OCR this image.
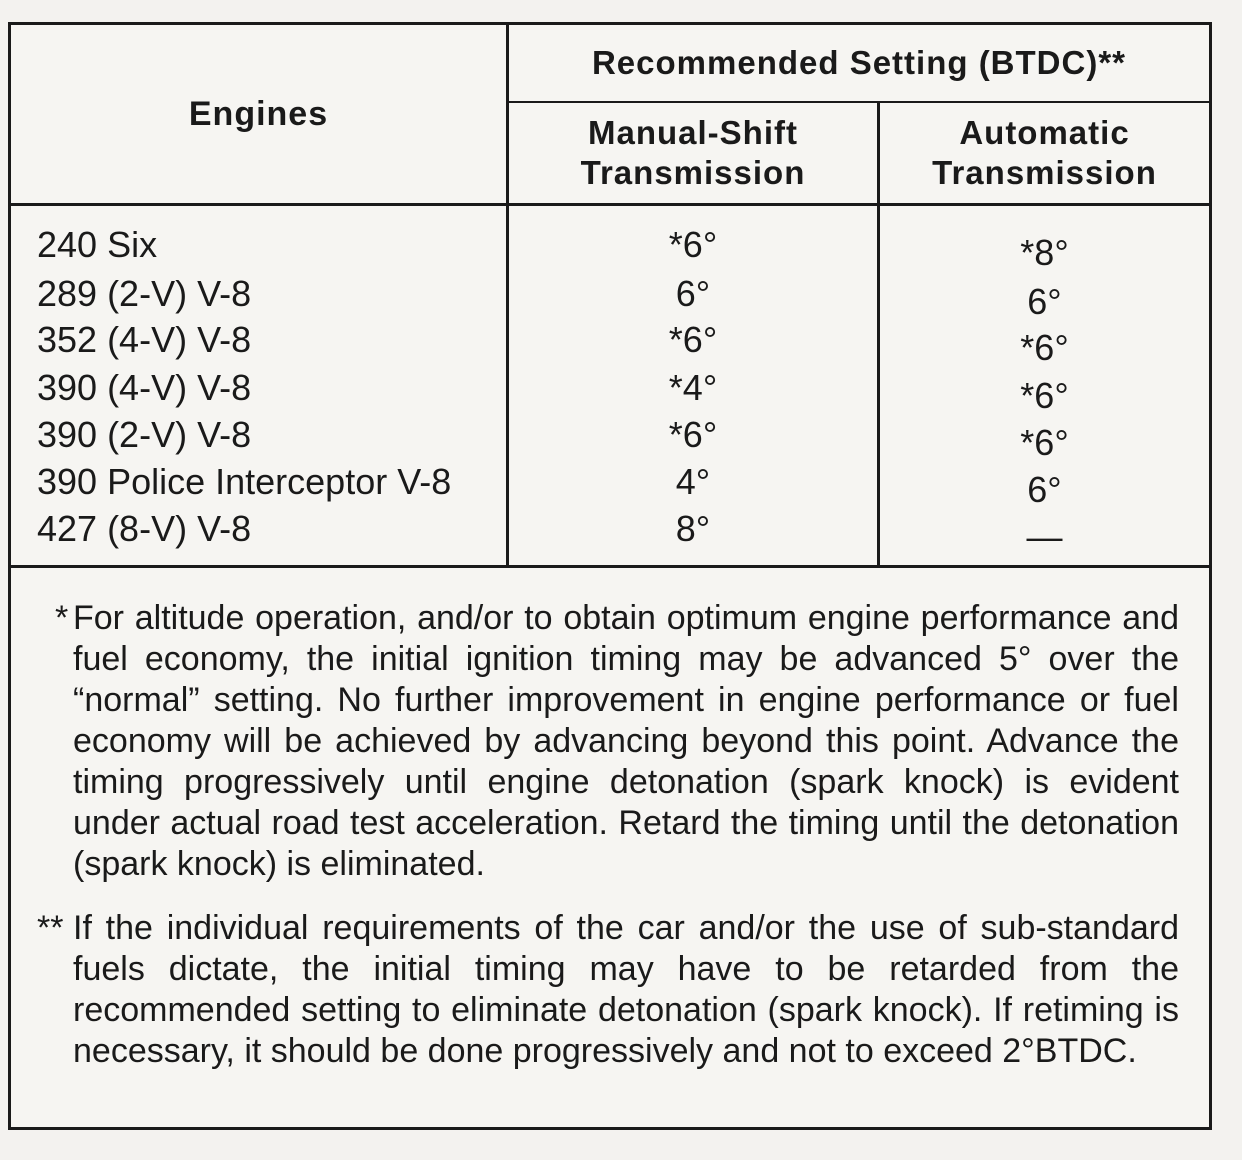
Engines
Recommended Setting (BTDC)**
Manual-Shift
Transmission
Automatic
Transmission
240 Six	*6°	*8°
289 (2-V) V-8	6°	6°
352 (4-V) V-8	*6°	*6°
390 (4-V) V-8	*4°	*6°
390 (2-V) V-8	*6°	*6°
390 Police Interceptor V-8	4°	6°
427 (8-V) V-8	8°	—
* For altitude operation, and/or to obtain optimum engine performance and fuel economy, the initial ignition timing may be advanced 5° over the “normal” setting. No further improvement in engine performance or fuel economy will be achieved by advancing beyond this point. Advance the timing progressively until engine detonation (spark knock) is evident under actual road test acceleration. Retard the timing until the detonation (spark knock) is eliminated.
** If the individual requirements of the car and/or the use of sub-standard fuels dictate, the initial timing may have to be retarded from the recommended setting to eliminate detonation (spark knock). If retiming is necessary, it should be done progressively and not to exceed 2°BTDC.
